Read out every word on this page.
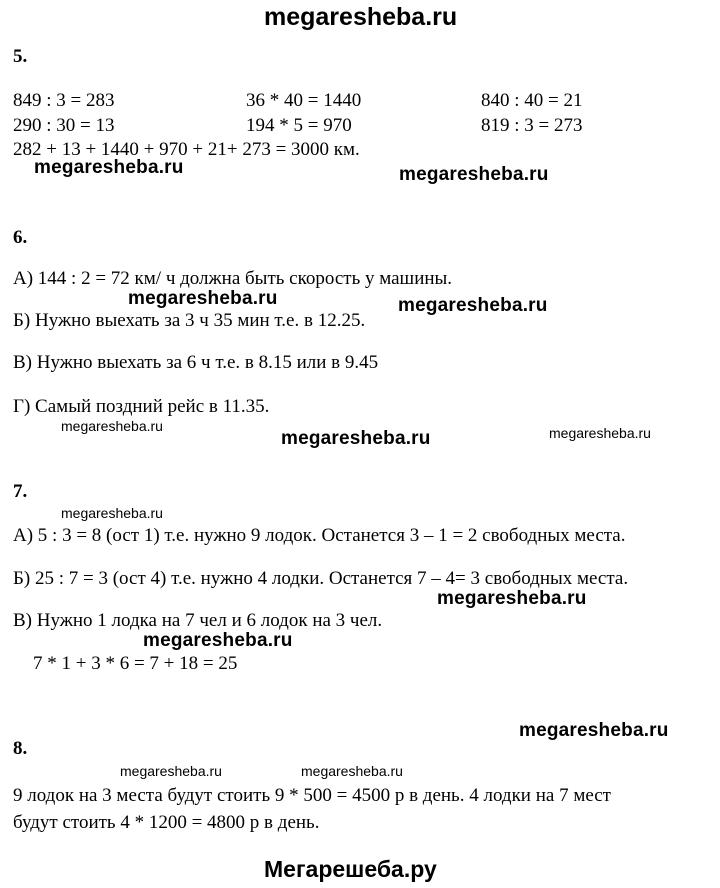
megaresheba.ru
5.
849 : 3 = 283	36 * 40 = 1440	840 : 40 = 21
290 : 30 = 13	194 * 5 = 970	819 : 3 = 273
282 + 13 + 1440 + 970 + 21+ 273 = 3000 км.
megaresheba.ru	megaresheba.ru
6.
А) 144 : 2 = 72 км/ ч должна быть скорость у машины.
megaresheba.ru	megaresheba.ru
Б) Нужно выехать за 3 ч 35 мин т.е. в 12.25.
В) Нужно выехать за 6 ч т.е. в 8.15 или в 9.45
Г) Самый поздний рейс в 11.35.
megaresheba.ru
megaresheba.ru	megaresheba.ru
7.
megaresheba.ru
А) 5 : 3 = 8 (ост 1) т.е. нужно 9 лодок. Останется 3 – 1 = 2 свободных места.
Б) 25 : 7 = 3 (ост 4) т.е. нужно 4 лодки. Останется 7 – 4= 3 свободных места.
megaresheba.ru
В) Нужно 1 лодка на 7 чел и 6 лодок на 3 чел.
megaresheba.ru
7 * 1 + 3 * 6 = 7 + 18 = 25
megaresheba.ru
8.
megaresheba.ru	megaresheba.ru
9 лодок на 3 места будут стоить 9 * 500 = 4500 р в день. 4 лодки на 7 мест
будут стоить 4 * 1200 = 4800 р в день.
Мегарешеба.ру
